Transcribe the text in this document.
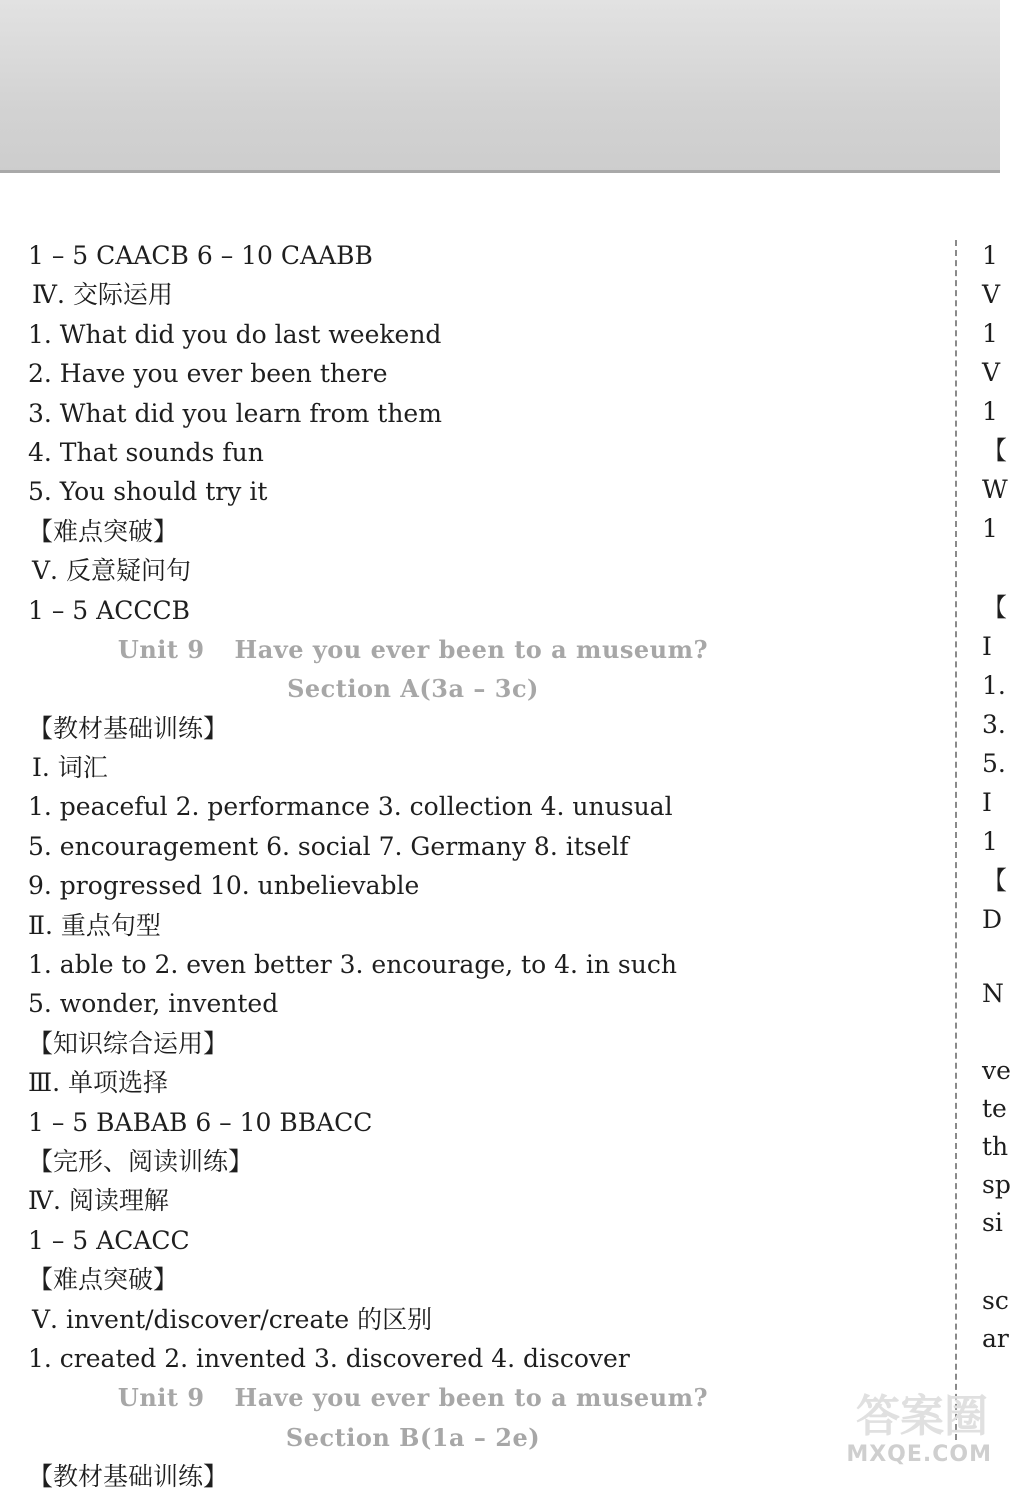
1 – 5 CAACB 6 – 10 CAABB
Ⅳ. 交际运用
1. What did you do last weekend
2. Have you ever been there
3. What did you learn from them
4. That sounds fun
5. You should try it
【难点突破】
Ⅴ. 反意疑问句
1 – 5 ACCCB
Unit 9 Have you ever been to a museum?
Section A(3a – 3c)
【教材基础训练】
Ⅰ. 词汇
1. peaceful 2. performance 3. collection 4. unusual
5. encouragement 6. social 7. Germany 8. itself
9. progressed 10. unbelievable
Ⅱ. 重点句型
1. able to 2. even better 3. encourage, to 4. in such
5. wonder, invented
【知识综合运用】
Ⅲ. 单项选择
1 – 5 BABAB 6 – 10 BBACC
【完形、阅读训练】
Ⅳ. 阅读理解
1 – 5 ACACC
【难点突破】
Ⅴ. invent/discover/create 的区别
1. created 2. invented 3. discovered 4. discover
Unit 9 Have you ever been to a museum?
Section B(1a – 2e)
【教材基础训练】
1
V
1
V
1
【
W
1
【
I
1.
3.
5.
I
1
【
D
N
ve
te
th
sp
si
sc
ar
答案圈
MXQE.COM
